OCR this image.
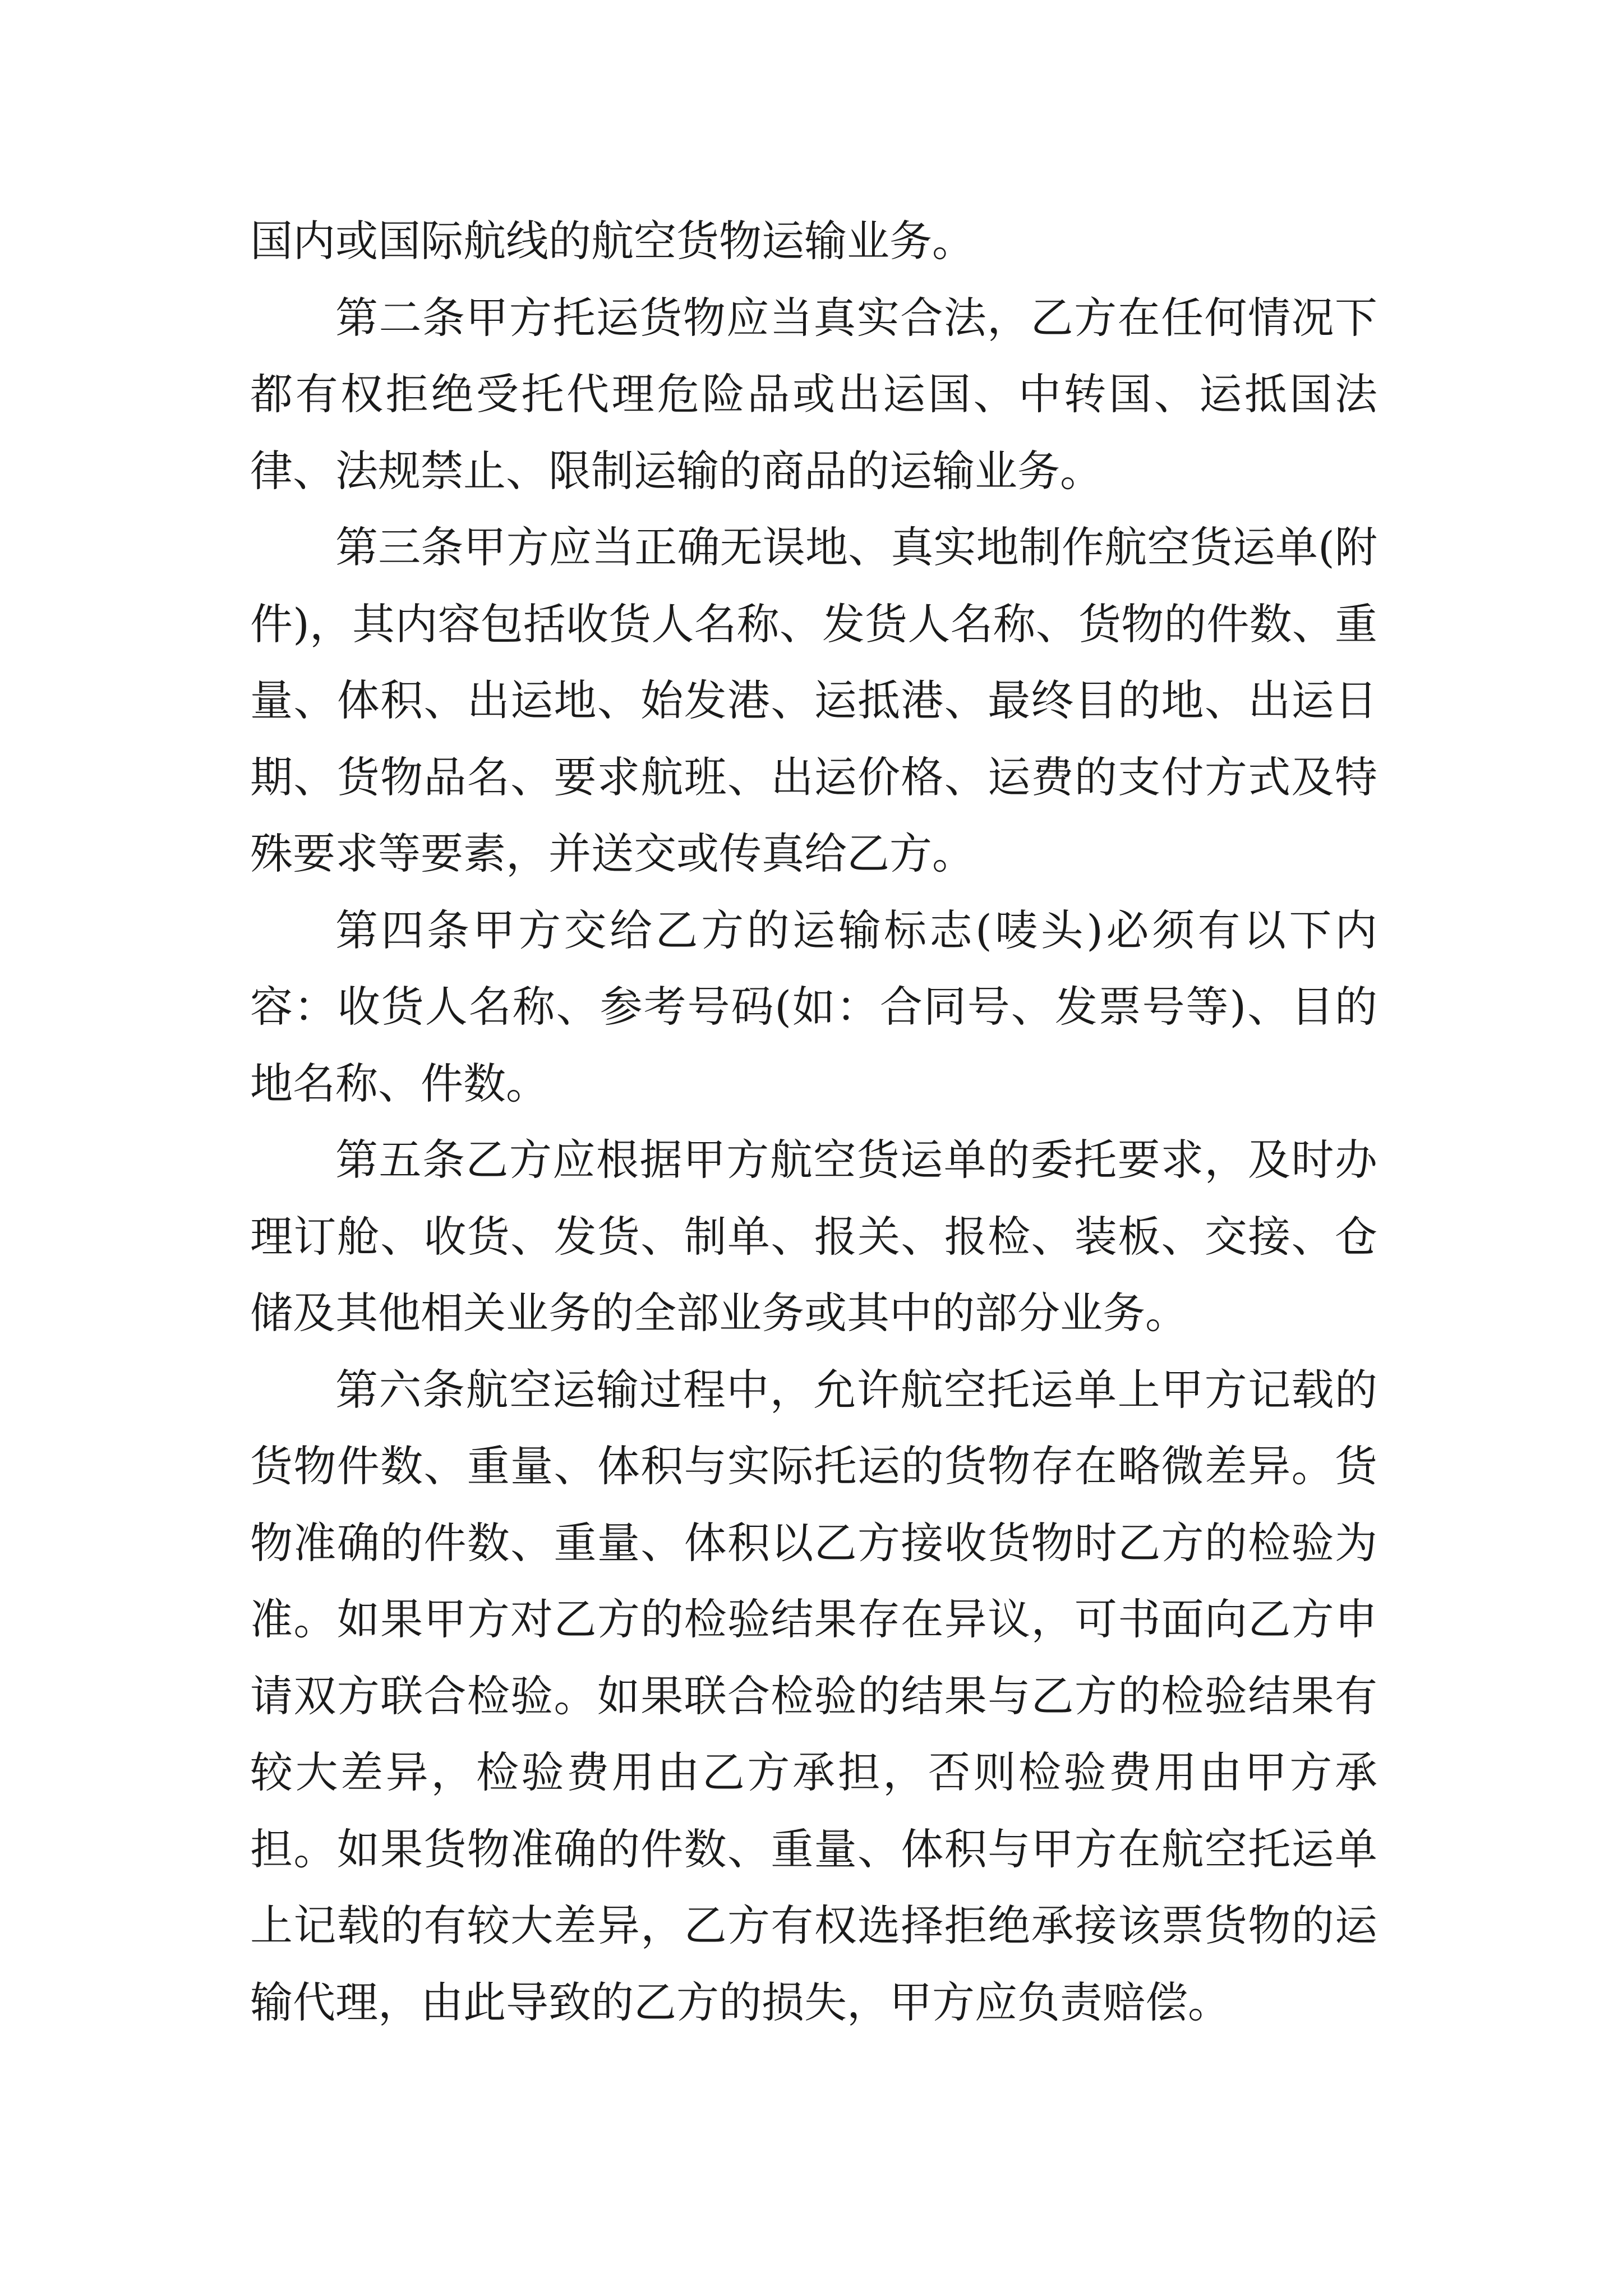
国内或国际航线的航空货物运输业务。

第二条甲方托运货物应当真实合法，乙方在任何情况下都有权拒绝受托代理危险品或出运国、中转国、运抵国法律、法规禁止、限制运输的商品的运输业务。

第三条甲方应当正确无误地、真实地制作航空货运单(附件)，其内容包括收货人名称、发货人名称、货物的件数、重量、体积、出运地、始发港、运抵港、最终目的地、出运日期、货物品名、要求航班、出运价格、运费的支付方式及特殊要求等要素，并送交或传真给乙方。

第四条甲方交给乙方的运输标志(唛头)必须有以下内容：收货人名称、参考号码(如：合同号、发票号等)、目的地名称、件数。

第五条乙方应根据甲方航空货运单的委托要求，及时办理订舱、收货、发货、制单、报关、报检、装板、交接、仓储及其他相关业务的全部业务或其中的部分业务。

第六条航空运输过程中，允许航空托运单上甲方记载的货物件数、重量、体积与实际托运的货物存在略微差异。货物准确的件数、重量、体积以乙方接收货物时乙方的检验为准。如果甲方对乙方的检验结果存在异议，可书面向乙方申请双方联合检验。如果联合检验的结果与乙方的检验结果有较大差异，检验费用由乙方承担，否则检验费用由甲方承担。如果货物准确的件数、重量、体积与甲方在航空托运单上记载的有较大差异，乙方有权选择拒绝承接该票货物的运输代理，由此导致的乙方的损失，甲方应负责赔偿。
